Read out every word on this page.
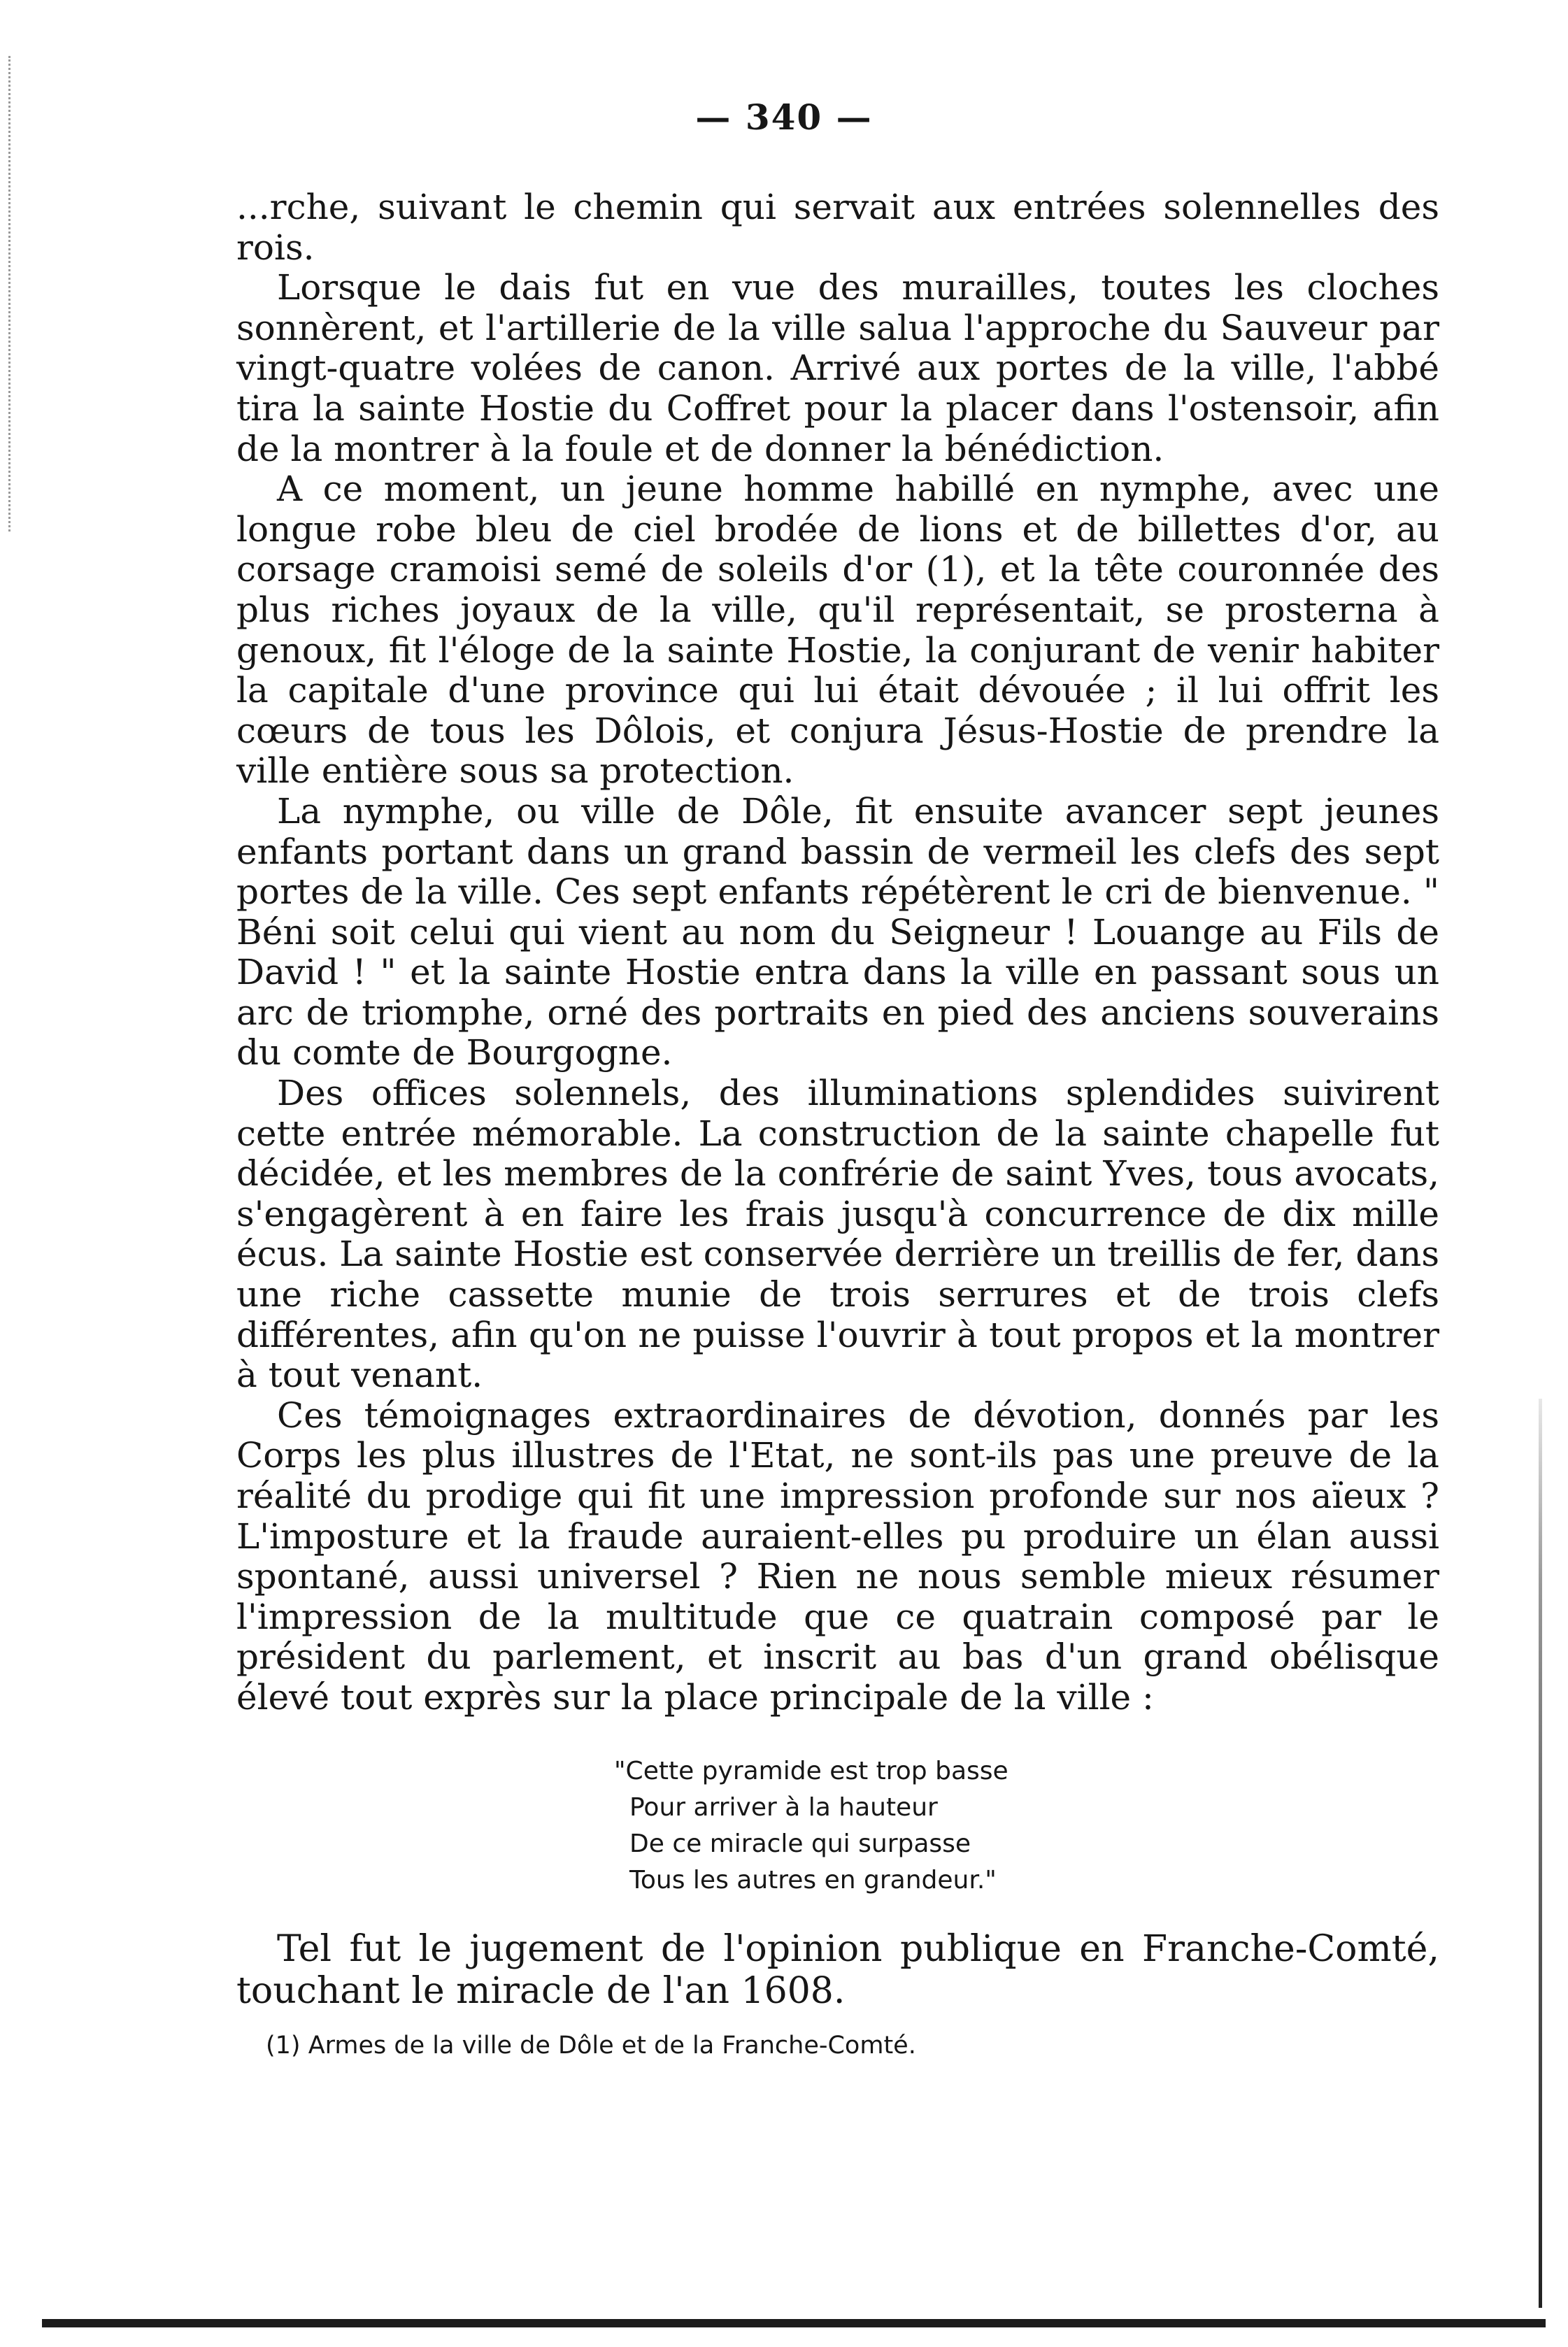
— 340 —

...rche, suivant le chemin qui servait aux entrées solennelles des rois.

Lorsque le dais fut en vue des murailles, toutes les cloches sonnèrent, et l'artillerie de la ville salua l'approche du Sauveur par vingt-quatre volées de canon. Arrivé aux portes de la ville, l'abbé tira la sainte Hostie du Coffret pour la placer dans l'ostensoir, afin de la montrer à la foule et de donner la bénédiction.

A ce moment, un jeune homme habillé en nymphe, avec une longue robe bleu de ciel brodée de lions et de billettes d'or, au corsage cramoisi semé de soleils d'or (1), et la tête couronnée des plus riches joyaux de la ville, qu'il représentait, se prosterna à genoux, fit l'éloge de la sainte Hostie, la conjurant de venir habiter la capitale d'une province qui lui était dévouée ; il lui offrit les cœurs de tous les Dôlois, et conjura Jésus-Hostie de prendre la ville entière sous sa protection.

La nymphe, ou ville de Dôle, fit ensuite avancer sept jeunes enfants portant dans un grand bassin de vermeil les clefs des sept portes de la ville. Ces sept enfants répétèrent le cri de bienvenue. " Béni soit celui qui vient au nom du Seigneur ! Louange au Fils de David ! " et la sainte Hostie entra dans la ville en passant sous un arc de triomphe, orné des portraits en pied des anciens souverains du comte de Bourgogne.

Des offices solennels, des illuminations splendides suivirent cette entrée mémorable. La construction de la sainte chapelle fut décidée, et les membres de la confrérie de saint Yves, tous avocats, s'engagèrent à en faire les frais jusqu'à concurrence de dix mille écus. La sainte Hostie est conservée derrière un treillis de fer, dans une riche cassette munie de trois serrures et de trois clefs différentes, afin qu'on ne puisse l'ouvrir à tout propos et la montrer à tout venant.

Ces témoignages extraordinaires de dévotion, donnés par les Corps les plus illustres de l'Etat, ne sont-ils pas une preuve de la réalité du prodige qui fit une impression profonde sur nos aïeux ? L'imposture et la fraude auraient-elles pu produire un élan aussi spontané, aussi universel ? Rien ne nous semble mieux résumer l'impression de la multitude que ce quatrain composé par le président du parlement, et inscrit au bas d'un grand obélisque élevé tout exprès sur la place principale de la ville :

"Cette pyramide est trop basse
Pour arriver à la hauteur
De ce miracle qui surpasse
Tous les autres en grandeur."

Tel fut le jugement de l'opinion publique en Franche-Comté, touchant le miracle de l'an 1608.

(1) Armes de la ville de Dôle et de la Franche-Comté.
